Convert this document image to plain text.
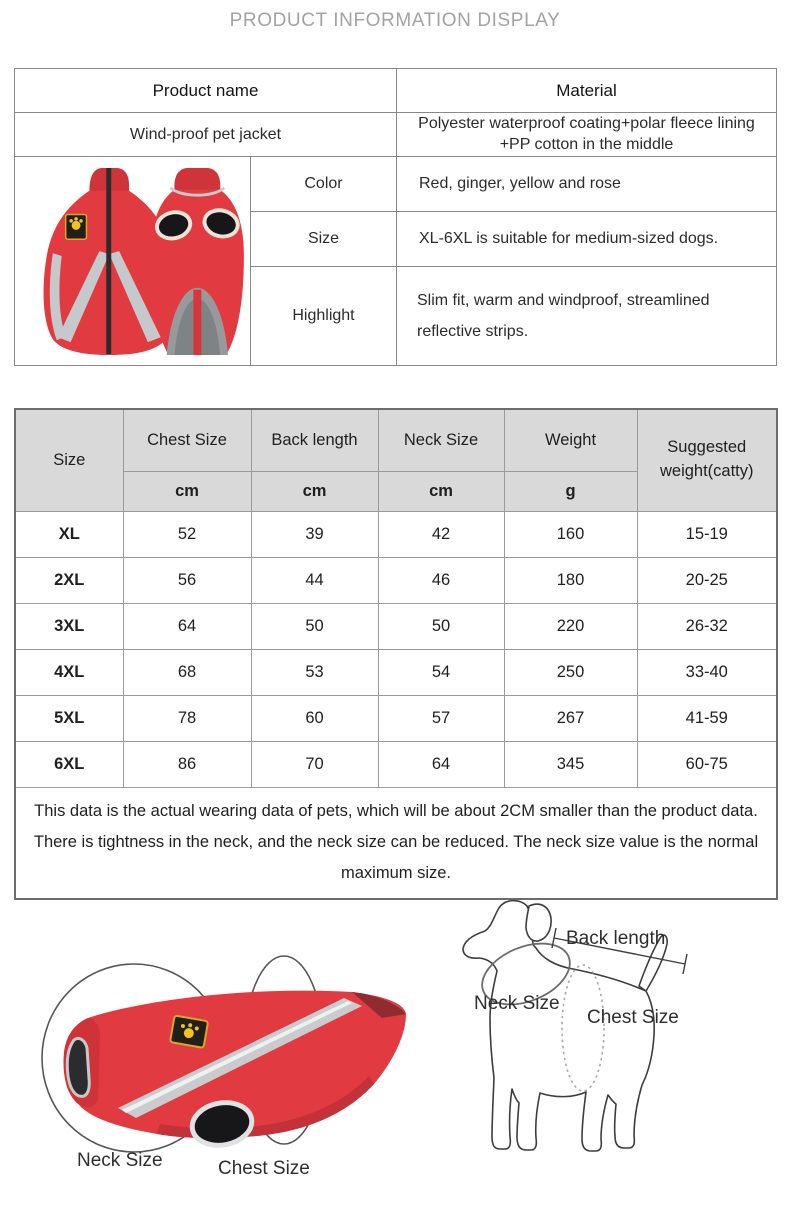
PRODUCT INFORMATION DISPLAY
Product name		Material
Wind-proof pet jacket		Polyester waterproof coating+polar fleece lining +PP cotton in the middle

	Color	Red, ginger, yellow and rose
	Size	XL-6XL is suitable for medium-sized dogs.
	Highlight	Slim fit, warm and windproof, streamlined reflective strips.
Size	Chest Size	Back length	Neck Size	Weight	Suggested weight(catty)
	cm	cm	cm	g	
XL	52	39	42	160	15-19
2XL	56	44	46	180	20-25
3XL	64	50	50	220	26-32
4XL	68	53	54	250	33-40
5XL	78	60	57	267	41-59
6XL	86	70	64	345	60-75

This data is the actual wearing data of pets, which will be about 2CM smaller than the product data.
There is tightness in the neck, and the neck size can be reduced. The neck size value is the normal maximum size.					
Neck Size	Chest Size
Back length
Neck Size
Chest Size
